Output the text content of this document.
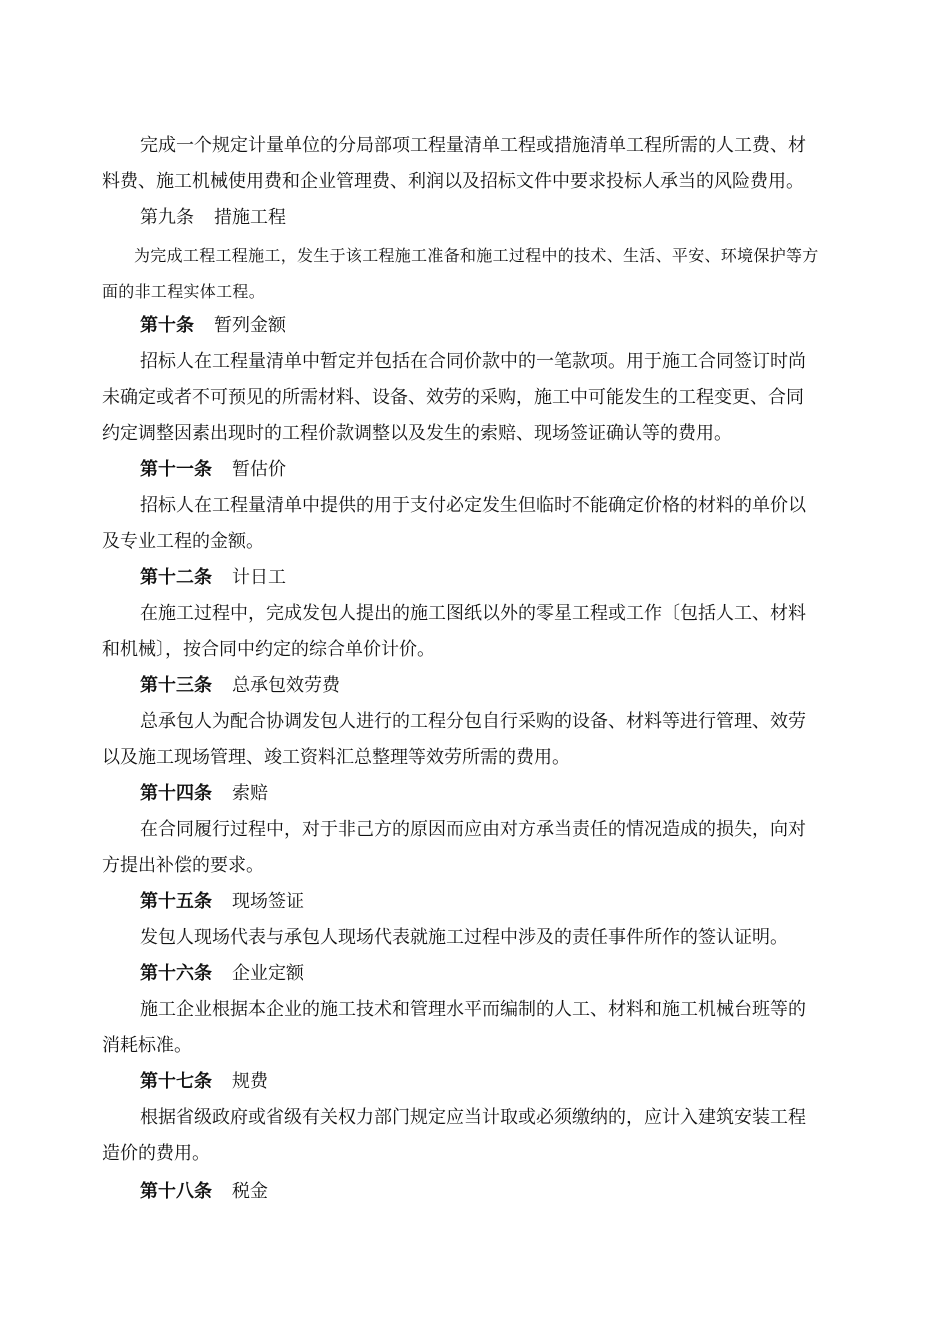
完成一个规定计量单位的分局部项工程量清单工程或措施清单工程所需的人工费、材
料费、施工机械使用费和企业管理费、利润以及招标文件中要求投标人承当的风险费用。
第九条 措施工程
为完成工程工程施工，发生于该工程施工准备和施工过程中的技术、生活、平安、环境保护等方
面的非工程实体工程。
第十条 暂列金额
招标人在工程量清单中暂定并包括在合同价款中的一笔款项。用于施工合同签订时尚
未确定或者不可预见的所需材料、设备、效劳的采购，施工中可能发生的工程变更、合同
约定调整因素出现时的工程价款调整以及发生的索赔、现场签证确认等的费用。
第十一条 暂估价
招标人在工程量清单中提供的用于支付必定发生但临时不能确定价格的材料的单价以
及专业工程的金额。
第十二条 计日工
在施工过程中，完成发包人提出的施工图纸以外的零星工程或工作〔包括人工、材料
和机械〕，按合同中约定的综合单价计价。
第十三条 总承包效劳费
总承包人为配合协调发包人进行的工程分包自行采购的设备、材料等进行管理、效劳
以及施工现场管理、竣工资料汇总整理等效劳所需的费用。
第十四条 索赔
在合同履行过程中，对于非己方的原因而应由对方承当责任的情况造成的损失，向对
方提出补偿的要求。
第十五条 现场签证
发包人现场代表与承包人现场代表就施工过程中涉及的责任事件所作的签认证明。
第十六条 企业定额
施工企业根据本企业的施工技术和管理水平而编制的人工、材料和施工机械台班等的
消耗标准。
第十七条 规费
根据省级政府或省级有关权力部门规定应当计取或必须缴纳的，应计入建筑安装工程
造价的费用。
第十八条 税金
